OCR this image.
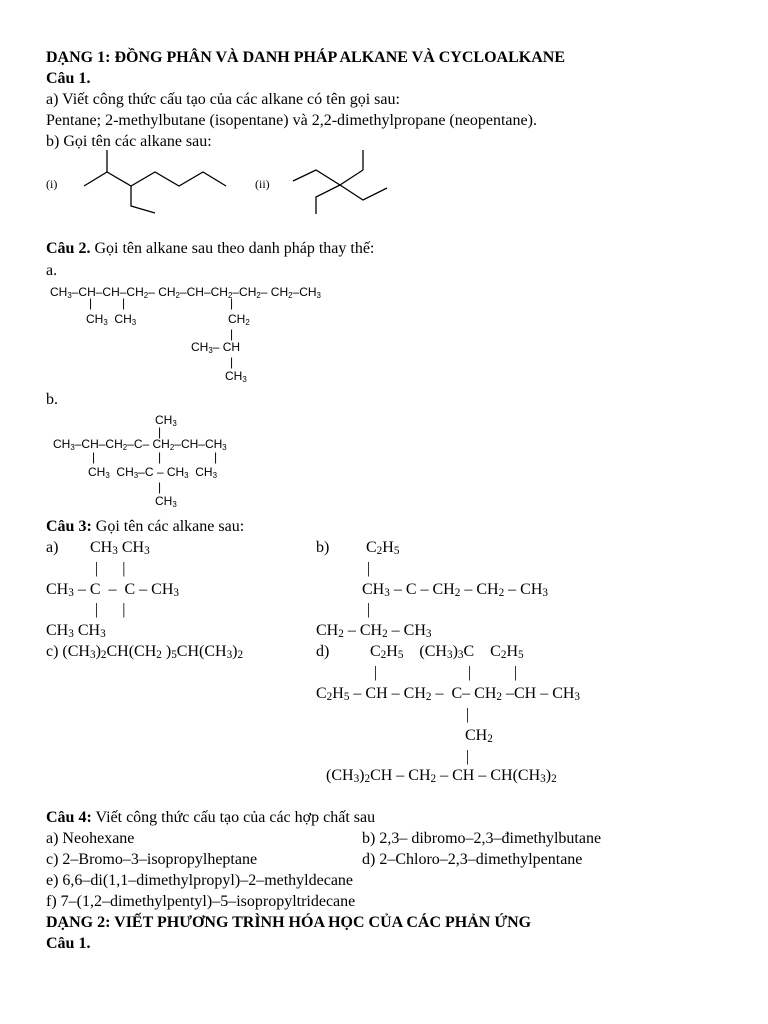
DẠNG 1: ĐỒNG PHÂN VÀ DANH PHÁP ALKANE VÀ CYCLOALKANE
Câu 1.
a) Viết công thức cấu tạo của các alkane có tên gọi sau:
Pentane; 2-methylbutane (isopentane) và 2,2-dimethylpropane (neopentane).
b) Gọi tên các alkane sau:
(i)	(ii)
Câu 2. Gọi tên alkane sau theo danh pháp thay thế:
a.
$CH_3-CH-CH-CH_2-$ $CH_2-CH-CH_2-CH_2-$ $CH_2-CH_3$
| |	|
$CH_3$  $CH_3$	$CH_2$
|
$CH_3-$ CH
|
$CH_3$
b.
$CH_3$
|
$CH_3-CH-CH_2-C-$ $CH_2-CH-CH_3$
|	|	|
$CH_3$  $CH_3-C - CH_3$  $CH_3$
|
$CH_3$
Câu 3: Gọi tên các alkane sau:
a) $CH_3$ $CH_3$
|      |
$CH_3$ – C  –  C – $CH_3$
|      |
$CH_3$ $CH_3$
b) $C_2H_5$
|
$CH_3$ – C – $CH_2 - CH_2 - CH_3$
|
$CH_2 - CH_2 - CH_3$
c) $(CH_3)_2CH(CH_2$ )$_5CH(CH_3)_2$	d)	$C_2H_5$    $(CH_3)_3C$    $C_2H_5$
|	|	|
$C_2H_5$ – CH – $CH_2 - C-$ $CH_2$ $-CH - CH_3$
|
$CH_2$
|
$(CH_3)_2CH - CH_2$ – CH – $CH(CH_3)_2$
Câu 4: Viết công thức cấu tạo của các hợp chất sau
a) Neohexane	b) 2,3– dibromo–2,3–đimethylbutane
c) 2–Bromo–3–isopropylheptane	d) 2–Chloro–2,3–dimethylpentane
e) 6,6–di(1,1–dimethylpropyl)–2–methyldecane
f) 7–(1,2–dimethylpentyl)–5–isopropyltridecane
DẠNG 2: VIẾT PHƯƠNG TRÌNH HÓA HỌC CỦA CÁC PHẢN ỨNG
Câu 1.
